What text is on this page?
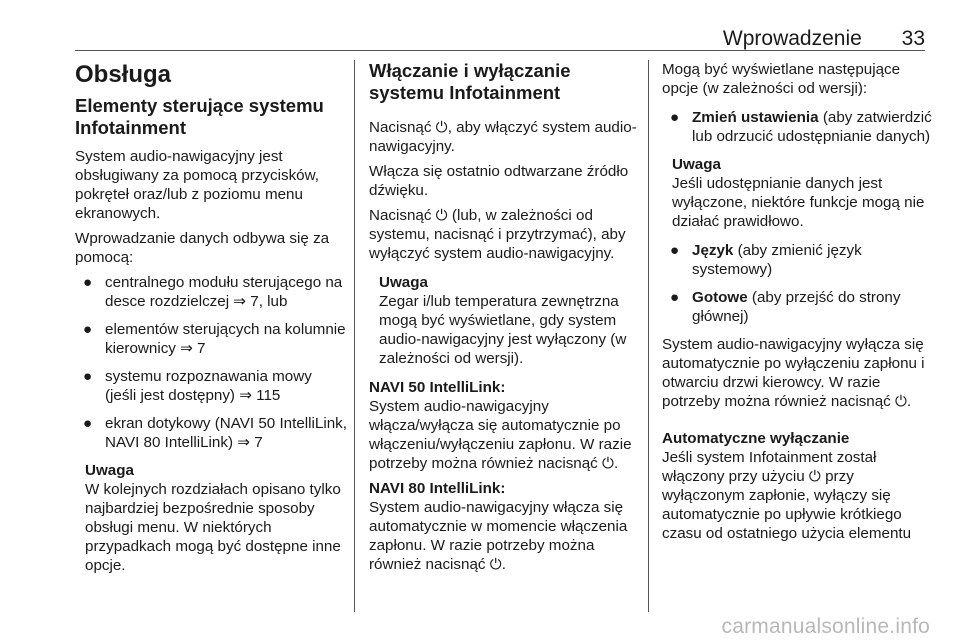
Wprowadzenie 33
Obsługa
Elementy sterujące systemu Infotainment

System audio-nawigacyjny jest obsługiwany za pomocą przycisków, pokręteł oraz/lub z poziomu menu ekranowych.

Wprowadzanie danych odbywa się za pomocą:

● centralnego modułu sterującego na desce rozdzielczej ⇒ 7, lub
● elementów sterujących na kolumnie kierownicy ⇒ 7
● systemu rozpoznawania mowy (jeśli jest dostępny) ⇒ 115
● ekran dotykowy (NAVI 50 IntelliLink, NAVI 80 IntelliLink) ⇒ 7
Uwaga
W kolejnych rozdziałach opisano tylko najbardziej bezpośrednie sposoby obsługi menu. W niektórych przypadkach mogą być dostępne inne opcje.
Włączanie i wyłączanie systemu Infotainment

Nacisnąć ⏻, aby włączyć system audio-nawigacyjny.

Włącza się ostatnio odtwarzane źródło dźwięku.

Nacisnąć ⏻ (lub, w zależności od systemu, nacisnąć i przytrzymać), aby wyłączyć system audio-nawigacyjny.

Uwaga
Zegar i/lub temperatura zewnętrzna mogą być wyświetlane, gdy system audio-nawigacyjny jest wyłączony (w zależności od wersji).

NAVI 50 IntelliLink:
System audio-nawigacyjny włącza/wyłącza się automatycznie po włączeniu/wyłączeniu zapłonu. W razie potrzeby można również nacisnąć ⏻.

NAVI 80 IntelliLink:
System audio-nawigacyjny włącza się automatycznie w momencie włączenia zapłonu. W razie potrzeby można również nacisnąć ⏻.

Mogą być wyświetlane następujące opcje (w zależności od wersji):

● Zmień ustawienia (aby zatwierdzić lub odrzucić udostępnianie danych)
Uwaga
Jeśli udostępnianie danych jest wyłączone, niektóre funkcje mogą nie działać prawidłowo.
● Język (aby zmienić język systemowy)
● Gotowe (aby przejść do strony głównej)

System audio-nawigacyjny wyłącza się automatycznie po wyłączeniu zapłonu i otwarciu drzwi kierowcy. W razie potrzeby można również nacisnąć ⏻.

Automatyczne wyłączanie

Jeśli system Infotainment został włączony przy użyciu ⏻ przy wyłączonym zapłonie, wyłączy się automatycznie po upływie krótkiego czasu od ostatniego użycia elementu

carmanualsonline.info
